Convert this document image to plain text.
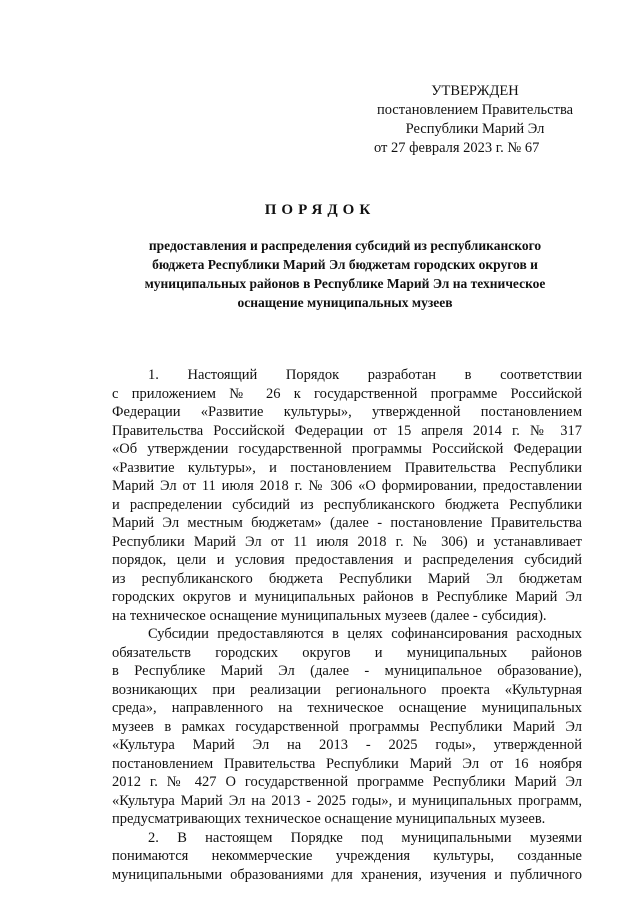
УТВЕРЖДЕН
постановлением Правительства
Республики Марий Эл
от 27 февраля 2023 г. № 67
ПОРЯДОК
предоставления и распределения субсидий из республиканского
бюджета Республики Марий Эл бюджетам городских округов и
муниципальных районов в Республике Марий Эл на техническое
оснащение муниципальных музеев
1. Настоящий Порядок разработан в соответствии
с приложением № 26 к государственной программе Российской
Федерации «Развитие культуры», утвержденной постановлением
Правительства Российской Федерации от 15 апреля 2014 г. № 317
«Об утверждении государственной программы Российской Федерации
«Развитие культуры», и постановлением Правительства Республики
Марий Эл от 11 июля 2018 г. № 306 «О формировании, предоставлении
и распределении субсидий из республиканского бюджета Республики
Марий Эл местным бюджетам» (далее - постановление Правительства
Республики Марий Эл от 11 июля 2018 г. № 306) и устанавливает
порядок, цели и условия предоставления и распределения субсидий
из республиканского бюджета Республики Марий Эл бюджетам
городских округов и муниципальных районов в Республике Марий Эл
на техническое оснащение муниципальных музеев (далее - субсидия).
Субсидии предоставляются в целях софинансирования расходных
обязательств городских округов и муниципальных районов
в Республике Марий Эл (далее - муниципальное образование),
возникающих при реализации регионального проекта «Культурная
среда», направленного на техническое оснащение муниципальных
музеев в рамках государственной программы Республики Марий Эл
«Культура Марий Эл на 2013 - 2025 годы», утвержденной
постановлением Правительства Республики Марий Эл от 16 ноября
2012 г. № 427 О государственной программе Республики Марий Эл
«Культура Марий Эл на 2013 - 2025 годы», и муниципальных программ,
предусматривающих техническое оснащение муниципальных музеев.
2. В настоящем Порядке под муниципальными музеями
понимаются некоммерческие учреждения культуры, созданные
муниципальными образованиями для хранения, изучения и публичного
